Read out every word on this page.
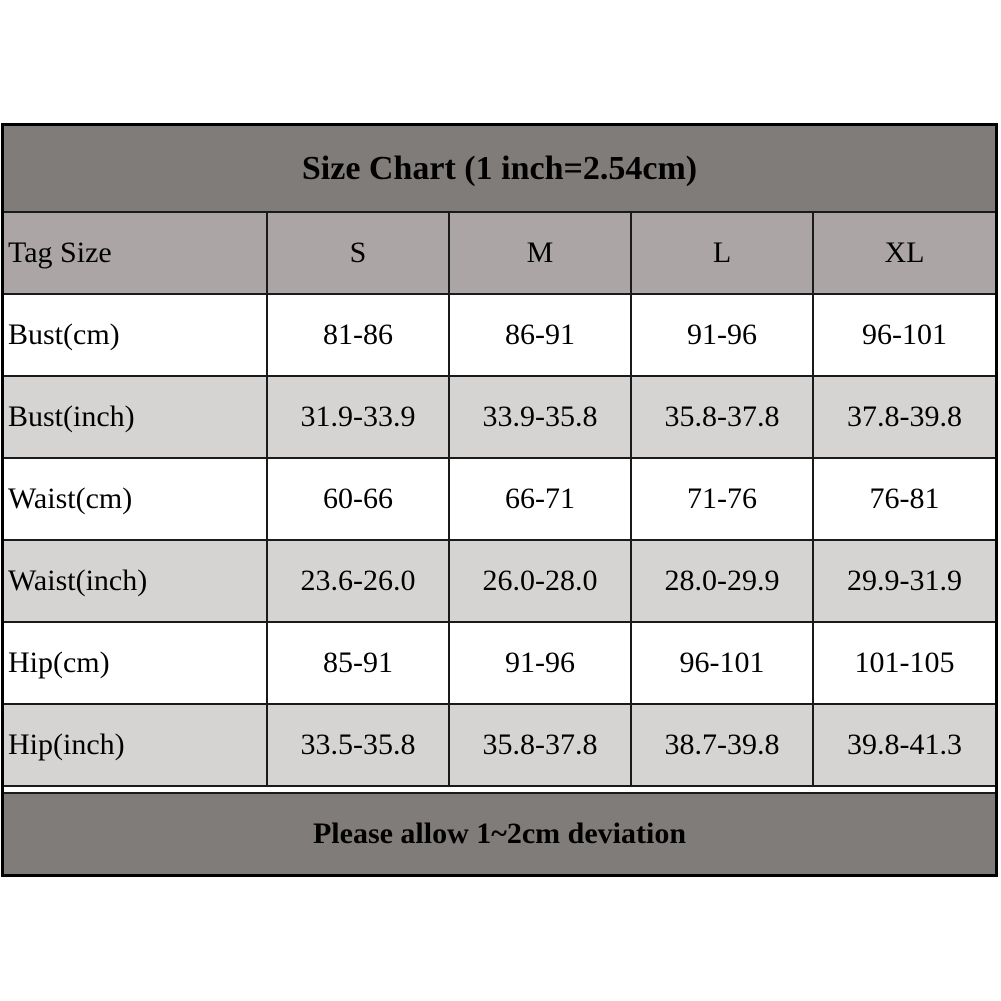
Size Chart (1 inch=2.54cm)
Tag Size	S	M	L	XL
Bust(cm)	81-86	86-91	91-96	96-101
Bust(inch)	31.9-33.9	33.9-35.8	35.8-37.8	37.8-39.8
Waist(cm)	60-66	66-71	71-76	76-81
Waist(inch)	23.6-26.0	26.0-28.0	28.0-29.9	29.9-31.9
Hip(cm)	85-91	91-96	96-101	101-105
Hip(inch)	33.5-35.8	35.8-37.8	38.7-39.8	39.8-41.3
Please allow 1~2cm deviation
